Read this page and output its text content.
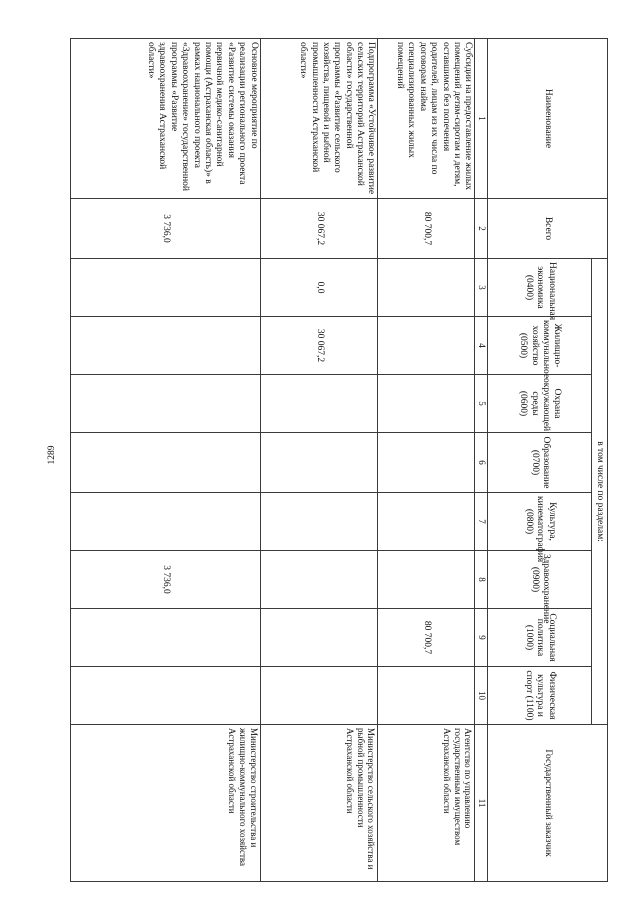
1289
Наименование	Всего	в том числе по разделам:								Государственный заказчик
		Национальная экономика (0400)	Жилищно-коммунальное хозяйство (0500)	Охрана окружающей среды (0600)	Образование (0700)	Культура, кинематография (0800)	Здравоохранение (0900)	Социальная политика (1000)	Физическая культура и спорт (1100)	
1	2	3	4	5	6	7	8	9	10	11
Субсидии на предоставление жилых помещений детям-сиротам и детям, оставшимся без попечения родителей, лицам из их числа по договорам найма специализированных жилых помещений	80 700,7							80 700,7		Агентство по управлению государственным имуществом Астраханской области
Подпрограмма «Устойчивое развитие сельских территорий Астраханской области» государственной программы «Развитие сельского хозяйства, пищевой и рыбной промышленности Астраханской области»	30 067,2	0,0	30 067,2							Министерство сельского хозяйства и рыбной промышленности Астраханской области
Основное мероприятие по реализации регионального проекта «Развитие системы оказания первичной медико-санитарной помощи (Астраханская область)» в рамках национального проекта «Здравоохранение» государственной программы «Развитие здравоохранения Астраханской области»	3 736,0						3 736,0			Министерство строительства и жилищно-коммунального хозяйства Астраханской области
